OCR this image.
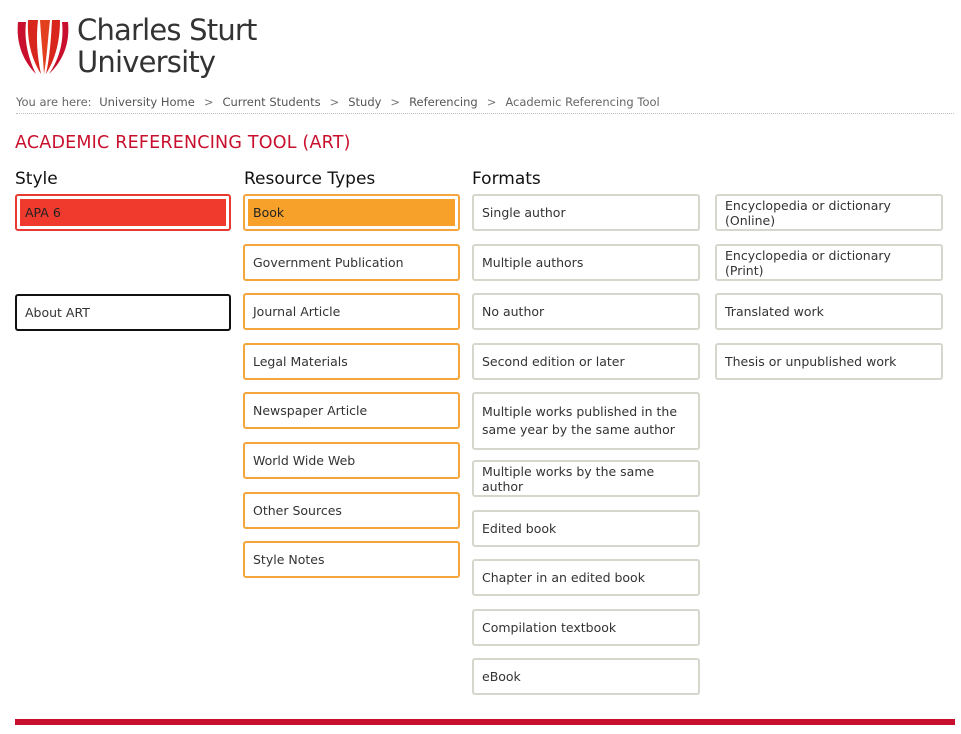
Charles Sturt
University
You are here: University Home > Current Students > Study > Referencing > Academic Referencing Tool
ACADEMIC REFERENCING TOOL (ART)
Style	Resource Types	Formats
APA 6
About ART
Book
Government Publication
Journal Article
Legal Materials
Newspaper Article
World Wide Web
Other Sources
Style Notes
Single author
Multiple authors
No author
Second edition or later
Multiple works published in the same year by the same author
Multiple works by the same author
Edited book
Chapter in an edited book
Compilation textbook
eBook
Encyclopedia or dictionary (Online)
Encyclopedia or dictionary (Print)
Translated work
Thesis or unpublished work
